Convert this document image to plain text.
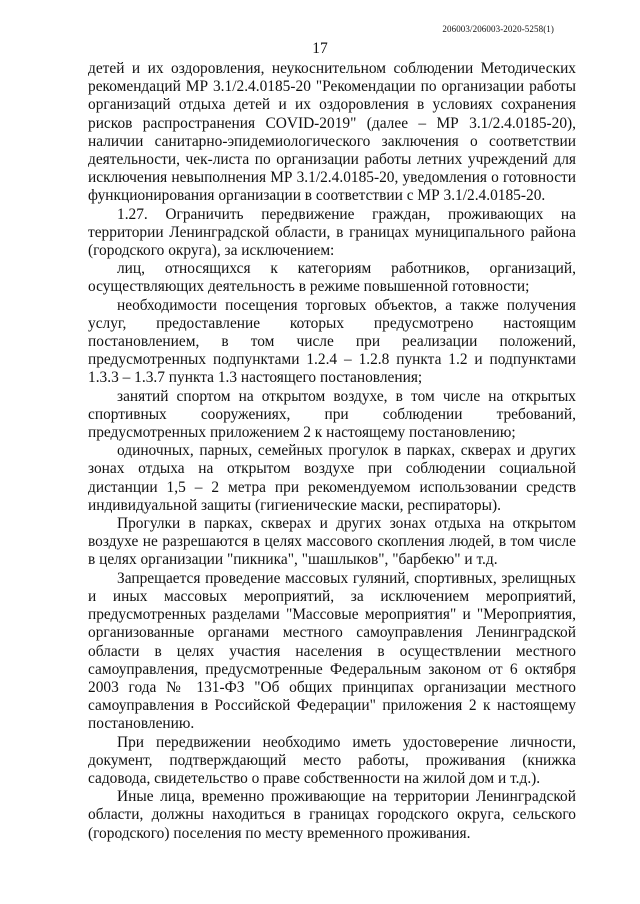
206003/206003-2020-5258(1)
17

детей и их оздоровления, неукоснительном соблюдении Методических рекомендаций МР 3.1/2.4.0185-20 "Рекомендации по организации работы организаций отдыха детей и их оздоровления в условиях сохранения рисков распространения COVID-2019" (далее – МР 3.1/2.4.0185-20), наличии санитарно-эпидемиологического заключения о соответствии деятельности, чек-листа по организации работы летних учреждений для исключения невыполнения МР 3.1/2.4.0185-20, уведомления о готовности функционирования организации в соответствии с МР 3.1/2.4.0185-20.

1.27. Ограничить передвижение граждан, проживающих на территории Ленинградской области, в границах муниципального района (городского округа), за исключением:

лиц, относящихся к категориям работников, организаций, осуществляющих деятельность в режиме повышенной готовности;

необходимости посещения торговых объектов, а также получения услуг, предоставление которых предусмотрено настоящим постановлением, в том числе при реализации положений, предусмотренных подпунктами 1.2.4 – 1.2.8 пункта 1.2 и подпунктами 1.3.3 – 1.3.7 пункта 1.3 настоящего постановления;

занятий спортом на открытом воздухе, в том числе на открытых спортивных сооружениях, при соблюдении требований, предусмотренных приложением 2 к настоящему постановлению;

одиночных, парных, семейных прогулок в парках, скверах и других зонах отдыха на открытом воздухе при соблюдении социальной дистанции 1,5 – 2 метра при рекомендуемом использовании средств индивидуальной защиты (гигиенические маски, респираторы).

Прогулки в парках, скверах и других зонах отдыха на открытом воздухе не разрешаются в целях массового скопления людей, в том числе в целях организации "пикника", "шашлыков", "барбекю" и т.д.

Запрещается проведение массовых гуляний, спортивных, зрелищных и иных массовых мероприятий, за исключением мероприятий, предусмотренных разделами "Массовые мероприятия" и "Мероприятия, организованные органами местного самоуправления Ленинградской области в целях участия населения в осуществлении местного самоуправления, предусмотренные Федеральным законом от 6 октября 2003 года № 131-ФЗ "Об общих принципах организации местного самоуправления в Российской Федерации" приложения 2 к настоящему постановлению.

При передвижении необходимо иметь удостоверение личности, документ, подтверждающий место работы, проживания (книжка садовода, свидетельство о праве собственности на жилой дом и т.д.).

Иные лица, временно проживающие на территории Ленинградской области, должны находиться в границах городского округа, сельского (городского) поселения по месту временного проживания.
